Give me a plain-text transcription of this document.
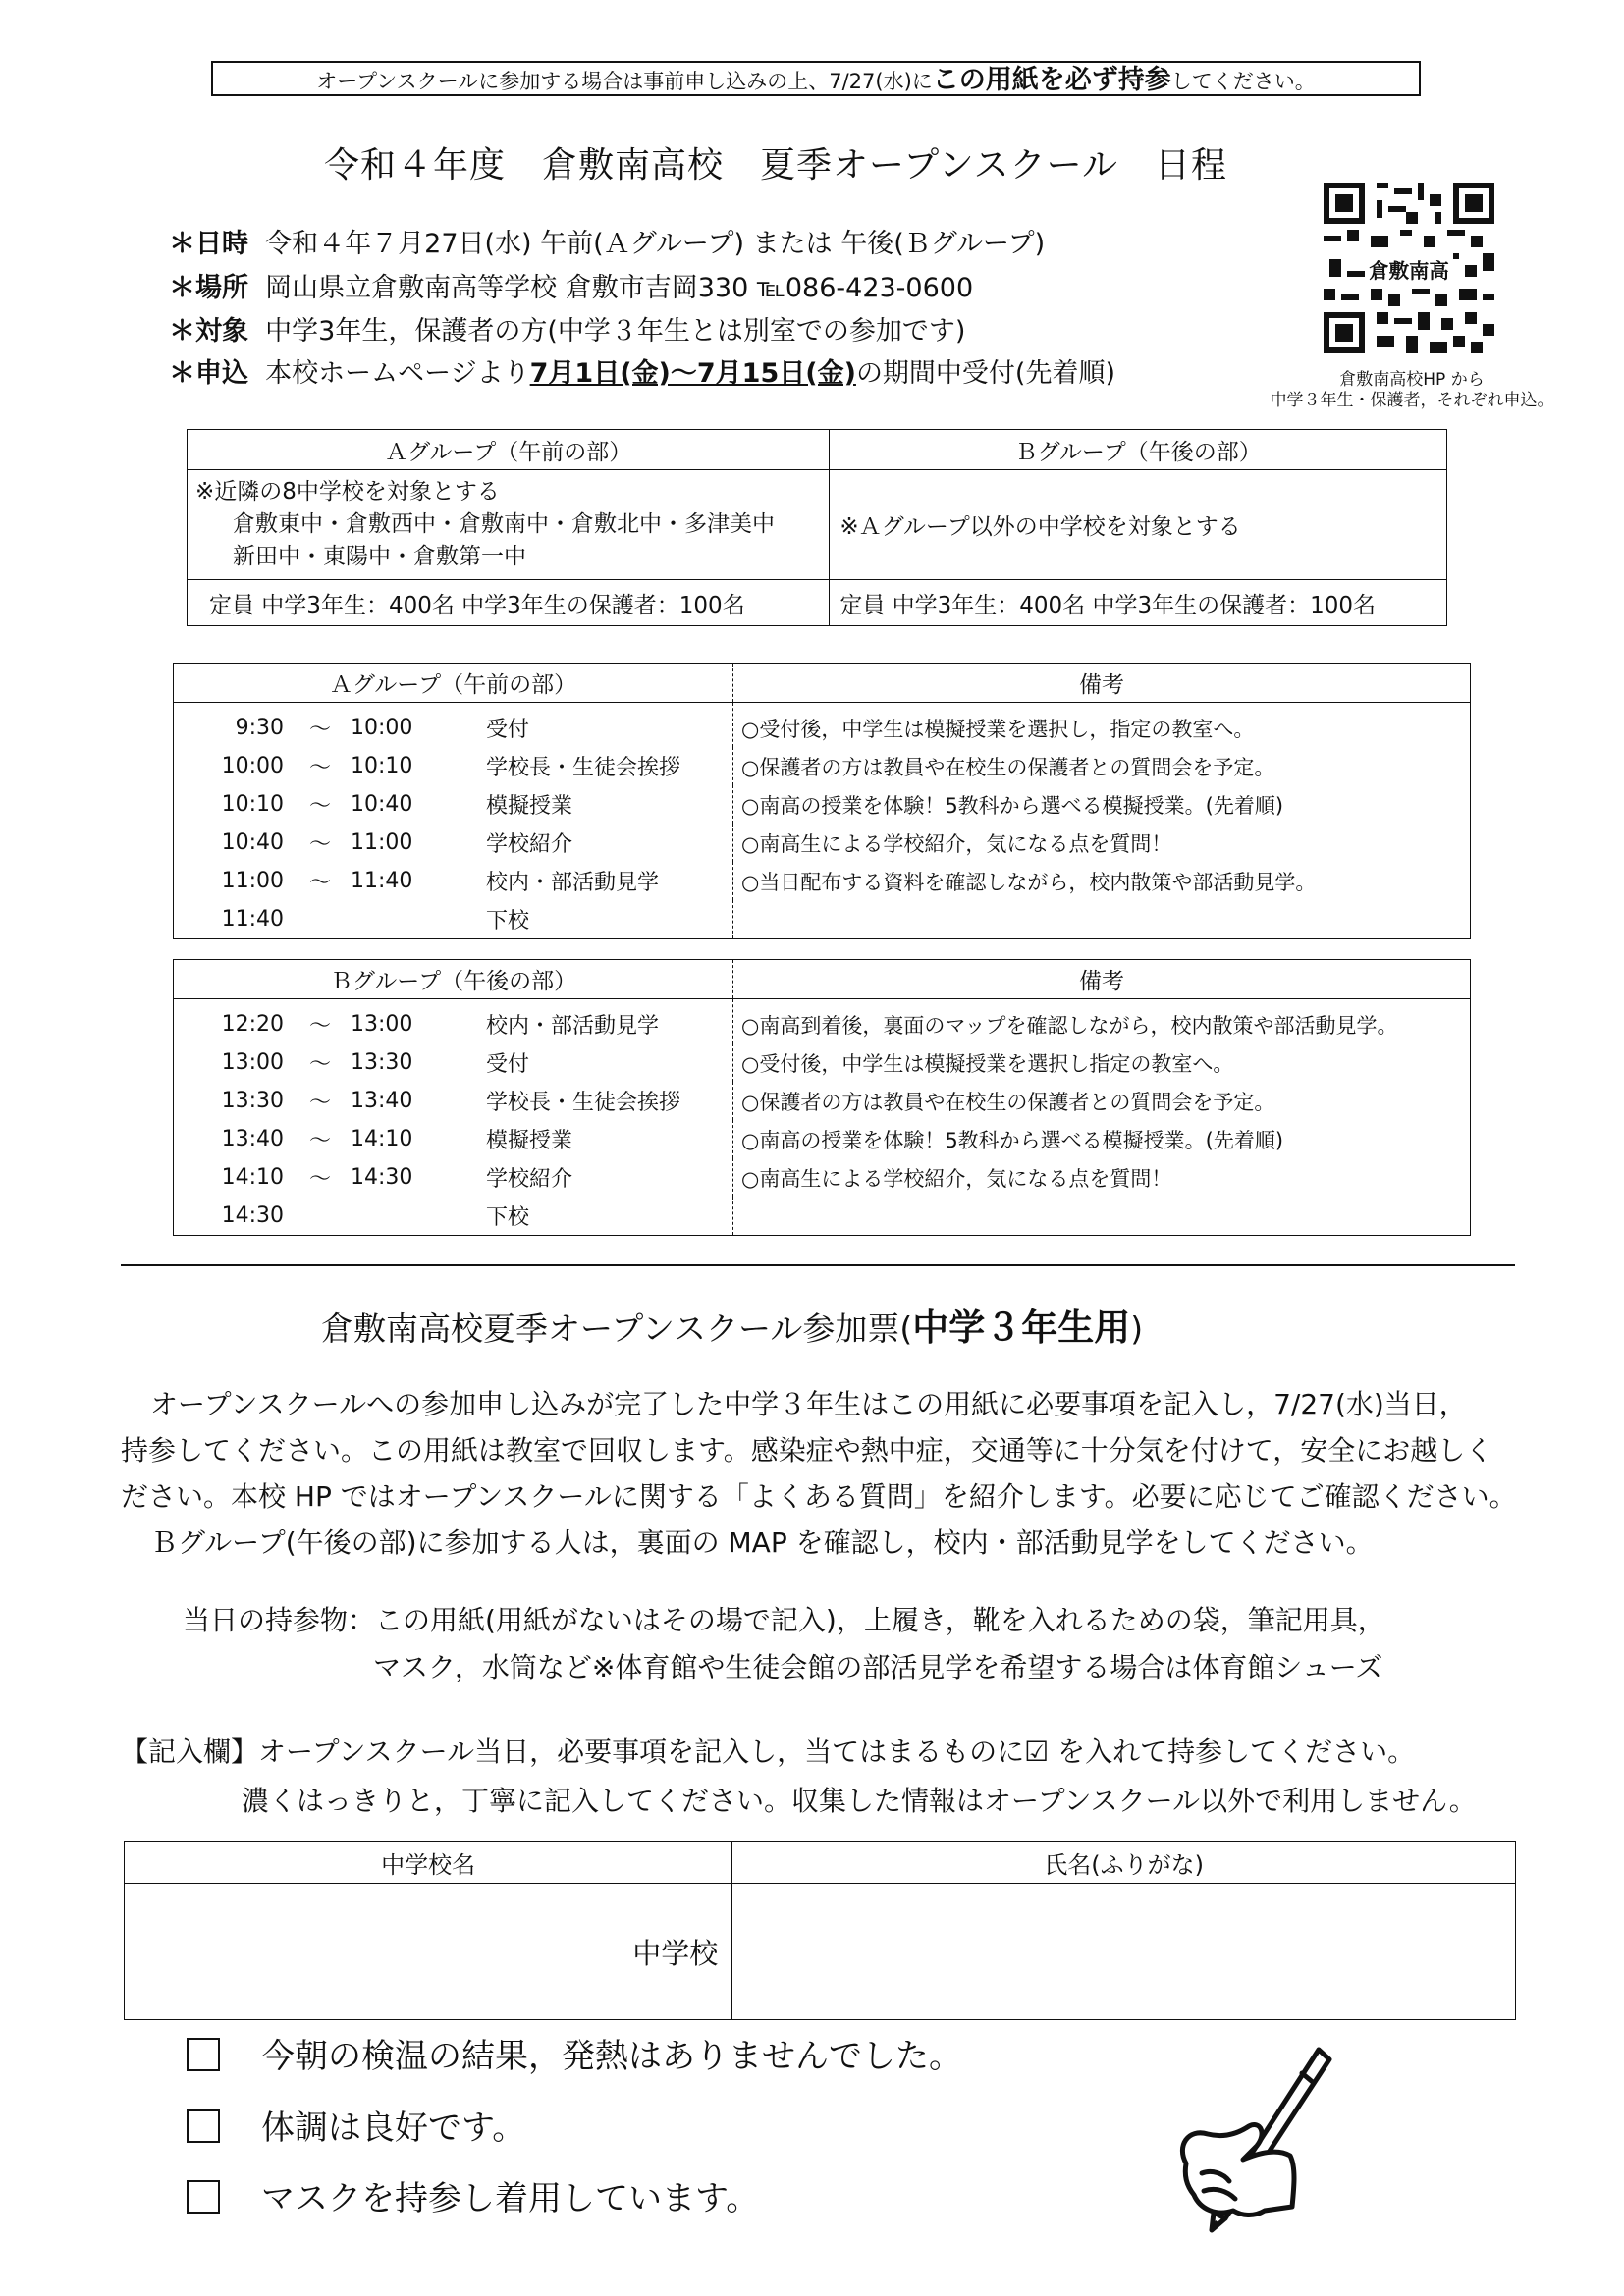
オープンスクールに参加する場合は事前申し込みの上、7/27(水)にこの用紙を必ず持参してください。
令和４年度　倉敷南高校　夏季オープンスクール　日程
＊日時 令和４年７月27日(水) 午前(Ａグループ) または 午後(Ｂグループ)
＊場所 岡山県立倉敷南高等学校 倉敷市吉岡330 ℡086-423-0600
＊対象 中学3年生，保護者の方(中学３年生とは別室での参加です)
＊申込 本校ホームページより7月1日(金)～7月15日(金)の期間中受付(先着順)
倉敷南高
倉敷南高校HP から
中学３年生・保護者，それぞれ申込。
Ａグループ（午前の部）	Ｂグループ（午後の部）

※近隣の8中学校を対象とする
倉敷東中・倉敷西中・倉敷南中・倉敷北中・多津美中
新田中・東陽中・倉敷第一中	※Ａグループ以外の中学校を対象とする
定員 中学3年生：400名 中学3年生の保護者：100名	定員 中学3年生：400名 中学3年生の保護者：100名
Ａグループ（午前の部）				備考
9:30	～	10:00	受付	○受付後，中学生は模擬授業を選択し，指定の教室へ。
10:00	～	10:10	学校長・生徒会挨拶	○保護者の方は教員や在校生の保護者との質問会を予定。
10:10	～	10:40	模擬授業	○南高の授業を体験！5教科から選べる模擬授業。(先着順)
10:40	～	11:00	学校紹介	○南高生による学校紹介，気になる点を質問！
11:00	～	11:40	校内・部活動見学	○当日配布する資料を確認しながら，校内散策や部活動見学。
11:40			下校	
Ｂグループ（午後の部）				備考
12:20	～	13:00	校内・部活動見学	○南高到着後，裏面のマップを確認しながら，校内散策や部活動見学。
13:00	～	13:30	受付	○受付後，中学生は模擬授業を選択し指定の教室へ。
13:30	～	13:40	学校長・生徒会挨拶	○保護者の方は教員や在校生の保護者との質問会を予定。
13:40	～	14:10	模擬授業	○南高の授業を体験！5教科から選べる模擬授業。(先着順)
14:10	～	14:30	学校紹介	○南高生による学校紹介，気になる点を質問！
14:30			下校	
倉敷南高校夏季オープンスクール参加票(中学３年生用)
オープンスクールへの参加申し込みが完了した中学３年生はこの用紙に必要事項を記入し，7/27(水)当日，
持参してください。この用紙は教室で回収します。感染症や熱中症，交通等に十分気を付けて，安全にお越しく
ださい。本校 HP ではオープンスクールに関する「よくある質問」を紹介します。必要に応じてご確認ください。
Ｂグループ(午後の部)に参加する人は，裏面の MAP を確認し，校内・部活動見学をしてください。
当日の持参物：この用紙(用紙がないはその場で記入)，上履き，靴を入れるための袋，筆記用具，
マスク，水筒など※体育館や生徒会館の部活見学を希望する場合は体育館シューズ
【記入欄】オープンスクール当日，必要事項を記入し，当てはまるものに☑ を入れて持参してください。
濃くはっきりと，丁寧に記入してください。収集した情報はオープンスクール以外で利用しません。
中学校名	氏名(ふりがな)
中学校	
今朝の検温の結果，発熱はありませんでした。
体調は良好です。
マスクを持参し着用しています。
